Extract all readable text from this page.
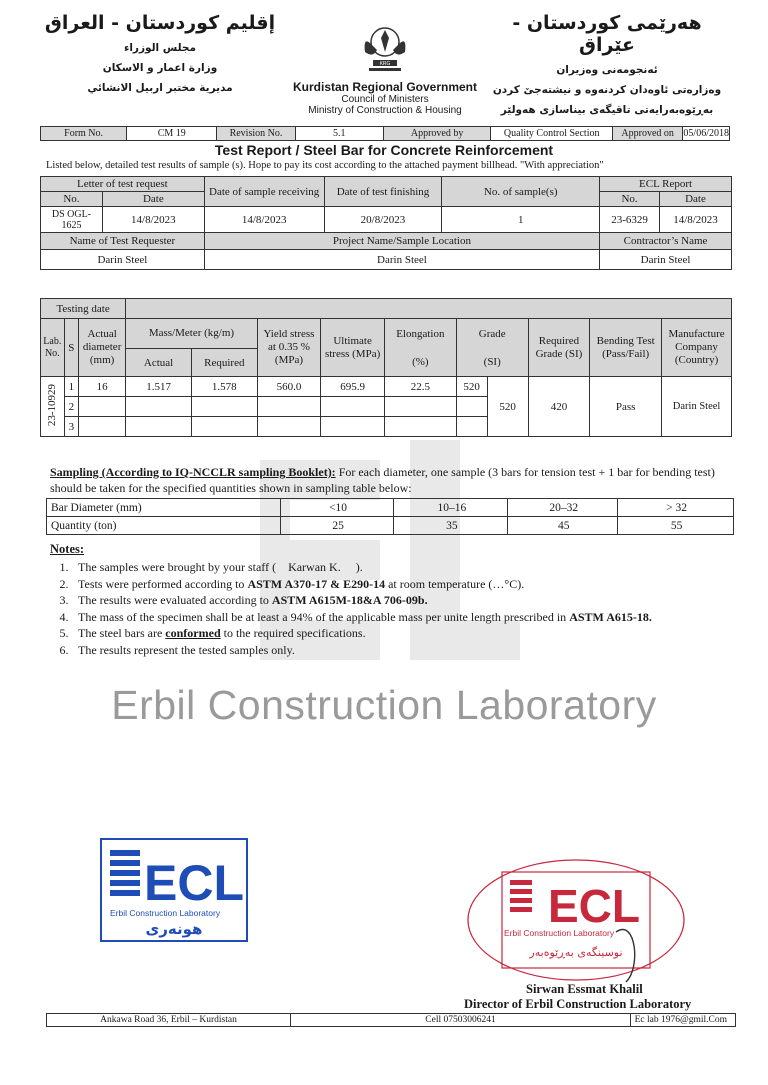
إقليم كوردستان - العراق
مجلس الوزراء
وزارة اعمار و الاسكان
مديرية مختبر اربيل الانشائي
KRG
Kurdistan Regional Government
Council of Ministers
Ministry of Construction & Housing
هەرێمی کوردستان - عێراق
ئەنجومەنی وەزیران
وەزارەتی ئاوەدان کردنەوە و نیشتەجێ کردن
بەڕێوەبەرایەتی تاقیگەی بیناسازی هەولێر
Form No.	CM 19	Revision No.	5.1	Approved by	Quality Control Section	Approved on 05/06/2018
Test Report / Steel Bar for Concrete Reinforcement
Listed below, detailed test results of sample (s). Hope to pay its cost according to the attached payment billhead. "With appreciation"
Letter of test request		Date of sample receiving	Date of test finishing	No. of sample(s)	ECL Report	
No.	Date				No.	Date
DS OGL-1625	14/8/2023	14/8/2023	20/8/2023	1	23-6329	14/8/2023
Name of Test Requester		Project Name/Sample Location			Contractor’s Name	
Darin Steel		Darin Steel			Darin Steel	
Testing date												
Lab. No.	S	Actual diameter (mm)	Mass/Meter (kg/m)		Yield stress at 0.35 % (MPa)	Ultimate stress (MPa)	Elongation	Grade		Required Grade (SI)	Bending Test (Pass/Fail)	Manufacture Company (Country)
			Actual	Required			(%)	(SI)				
23-10929	1	16	1.517	1.578	560.0	695.9	22.5	520	520	420	Pass	Darin Steel
	2											
	3											
Sampling (According to IQ-NCCLR sampling Booklet): For each diameter, one sample (3 bars for tension test + 1 bar for bending test) should be taken for the specified quantities shown in sampling table below:
Bar Diameter (mm)	<10	10–16	20–32	> 32
Quantity (ton)	25	35	45	55
Notes:
1. The samples were brought by your staff ( Karwan K. ).
2. Tests were performed according to ASTM A370-17 & E290-14 at room temperature (…°C).
3. The results were evaluated according to ASTM A615M-18&A 706-09b.
4. The mass of the specimen shall be at least a 94% of the applicable mass per unite length prescribed in ASTM A615-18.
5. The steel bars are conformed to the required specifications.
6. The results represent the tested samples only.
Erbil Construction Laboratory
ECL
Erbil Construction Laboratory
هونەری	ECL
Erbil Construction Laboratory
نوسینگەی بەڕێوەبەر
Sirwan Essmat Khalil
Director of Erbil Construction Laboratory
Ankawa Road 36, Erbil – Kurdistan	Cell 07503006241	Ec lab 1976@gmil.Com
